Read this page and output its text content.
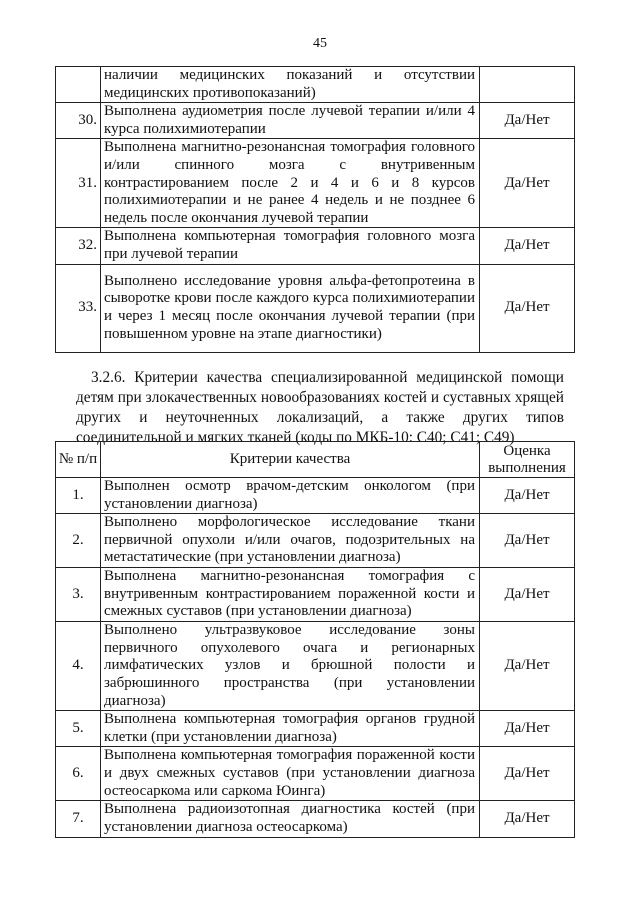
45
	наличии медицинских показаний и отсутствии медицинских противопоказаний)	
30.	Выполнена аудиометрия после лучевой терапии и/или 4 курса полихимиотерапии	Да/Нет
31.	Выполнена магнитно-резонансная томография головного и/или спинного мозга с внутривенным контрастированием после 2 и 4 и 6 и 8 курсов полихимиотерапии и не ранее 4 недель и не позднее 6 недель после окончания лучевой терапии	Да/Нет
32.	Выполнена компьютерная томография головного мозга при лучевой терапии	Да/Нет
33.	Выполнено исследование уровня альфа-фетопротеина в сыворотке крови после каждого курса полихимиотерапии и через 1 месяц после окончания лучевой терапии (при повышенном уровне на этапе диагностики)	Да/Нет
3.2.6. Критерии качества специализированной медицинской помощи детям при злокачественных новообразованиях костей и суставных хрящей других и неуточненных локализаций, а также других типов соединительной и мягких тканей (коды по МКБ-10: С40; С41; С49)
№ п/п	Критерии качества	Оценка выполнения
1.	Выполнен осмотр врачом-детским онкологом (при установлении диагноза)	Да/Нет
2.	Выполнено морфологическое исследование ткани первичной опухоли и/или очагов, подозрительных на метастатические (при установлении диагноза)	Да/Нет
3.	Выполнена магнитно-резонансная томография с внутривенным контрастированием пораженной кости и смежных суставов (при установлении диагноза)	Да/Нет
4.	Выполнено ультразвуковое исследование зоны первичного опухолевого очага и регионарных лимфатических узлов и брюшной полости и забрюшинного пространства (при установлении диагноза)	Да/Нет
5.	Выполнена компьютерная томография органов грудной клетки (при установлении диагноза)	Да/Нет
6.	Выполнена компьютерная томография пораженной кости и двух смежных суставов (при установлении диагноза остеосаркома или саркома Юинга)	Да/Нет
7.	Выполнена радиоизотопная диагностика костей (при установлении диагноза остеосаркома)	Да/Нет
